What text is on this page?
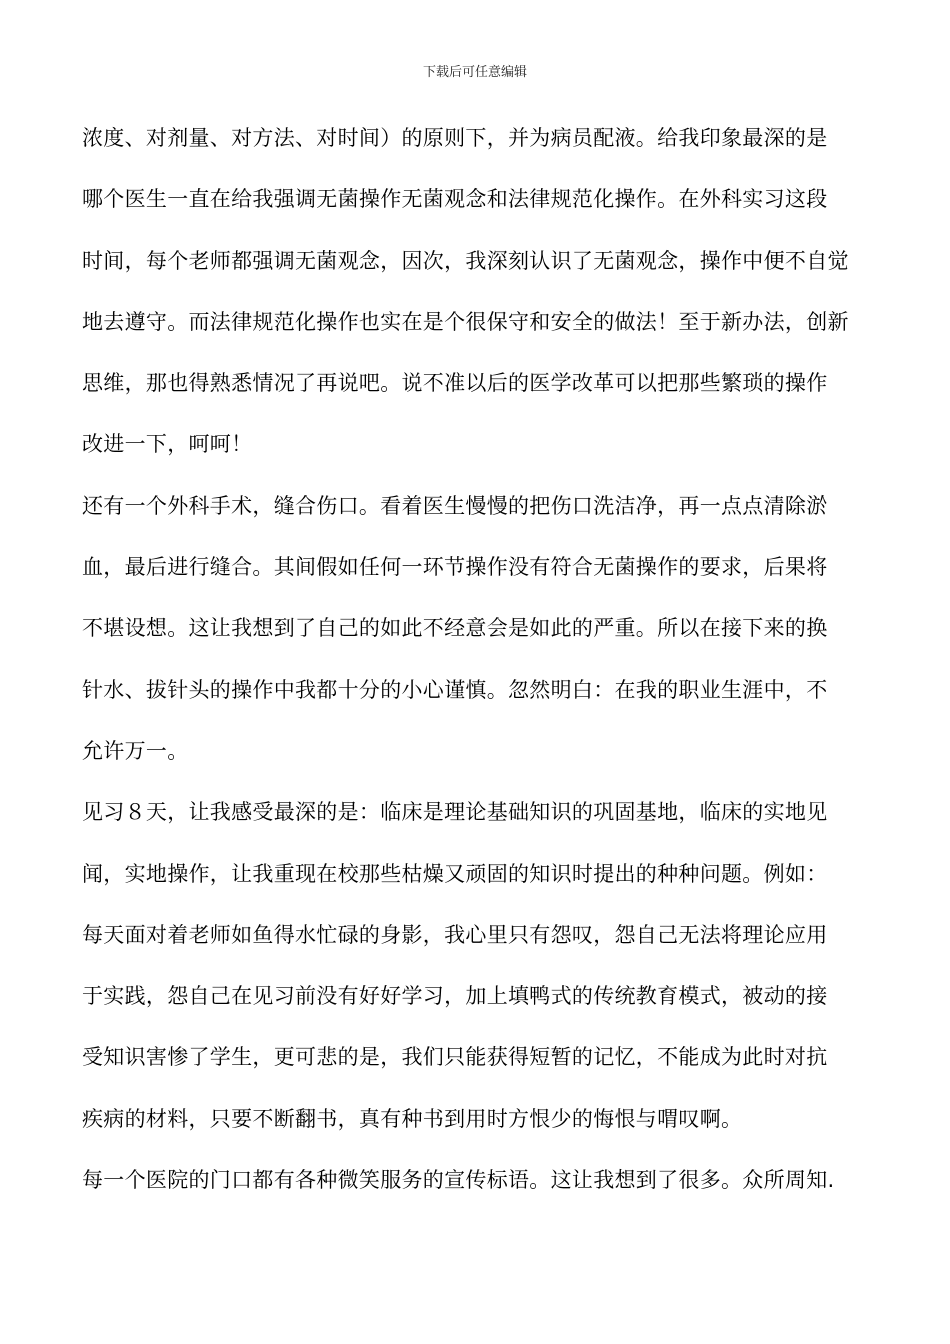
下载后可任意编辑
浓度、对剂量、对方法、对时间）的原则下，并为病员配液。给我印象最深的是
哪个医生一直在给我强调无菌操作无菌观念和法律规范化操作。在外科实习这段
时间，每个老师都强调无菌观念，因次，我深刻认识了无菌观念，操作中便不自觉
地去遵守。而法律规范化操作也实在是个很保守和安全的做法！至于新办法，创新
思维，那也得熟悉情况了再说吧。说不准以后的医学改革可以把那些繁琐的操作
改进一下，呵呵！
还有一个外科手术，缝合伤口。看着医生慢慢的把伤口洗洁净，再一点点清除淤
血，最后进行缝合。其间假如任何一环节操作没有符合无菌操作的要求，后果将
不堪设想。这让我想到了自己的如此不经意会是如此的严重。所以在接下来的换
针水、拔针头的操作中我都十分的小心谨慎。忽然明白：在我的职业生涯中，不
允许万一。
见习８天，让我感受最深的是：临床是理论基础知识的巩固基地，临床的实地见
闻，实地操作，让我重现在校那些枯燥又顽固的知识时提出的种种问题。例如：
每天面对着老师如鱼得水忙碌的身影，我心里只有怨叹，怨自己无法将理论应用
于实践，怨自己在见习前没有好好学习，加上填鸭式的传统教育模式，被动的接
受知识害惨了学生，更可悲的是，我们只能获得短暂的记忆，不能成为此时对抗
疾病的材料，只要不断翻书，真有种书到用时方恨少的悔恨与喟叹啊。
每一个医院的门口都有各种微笑服务的宣传标语。这让我想到了很多。众所周知.
